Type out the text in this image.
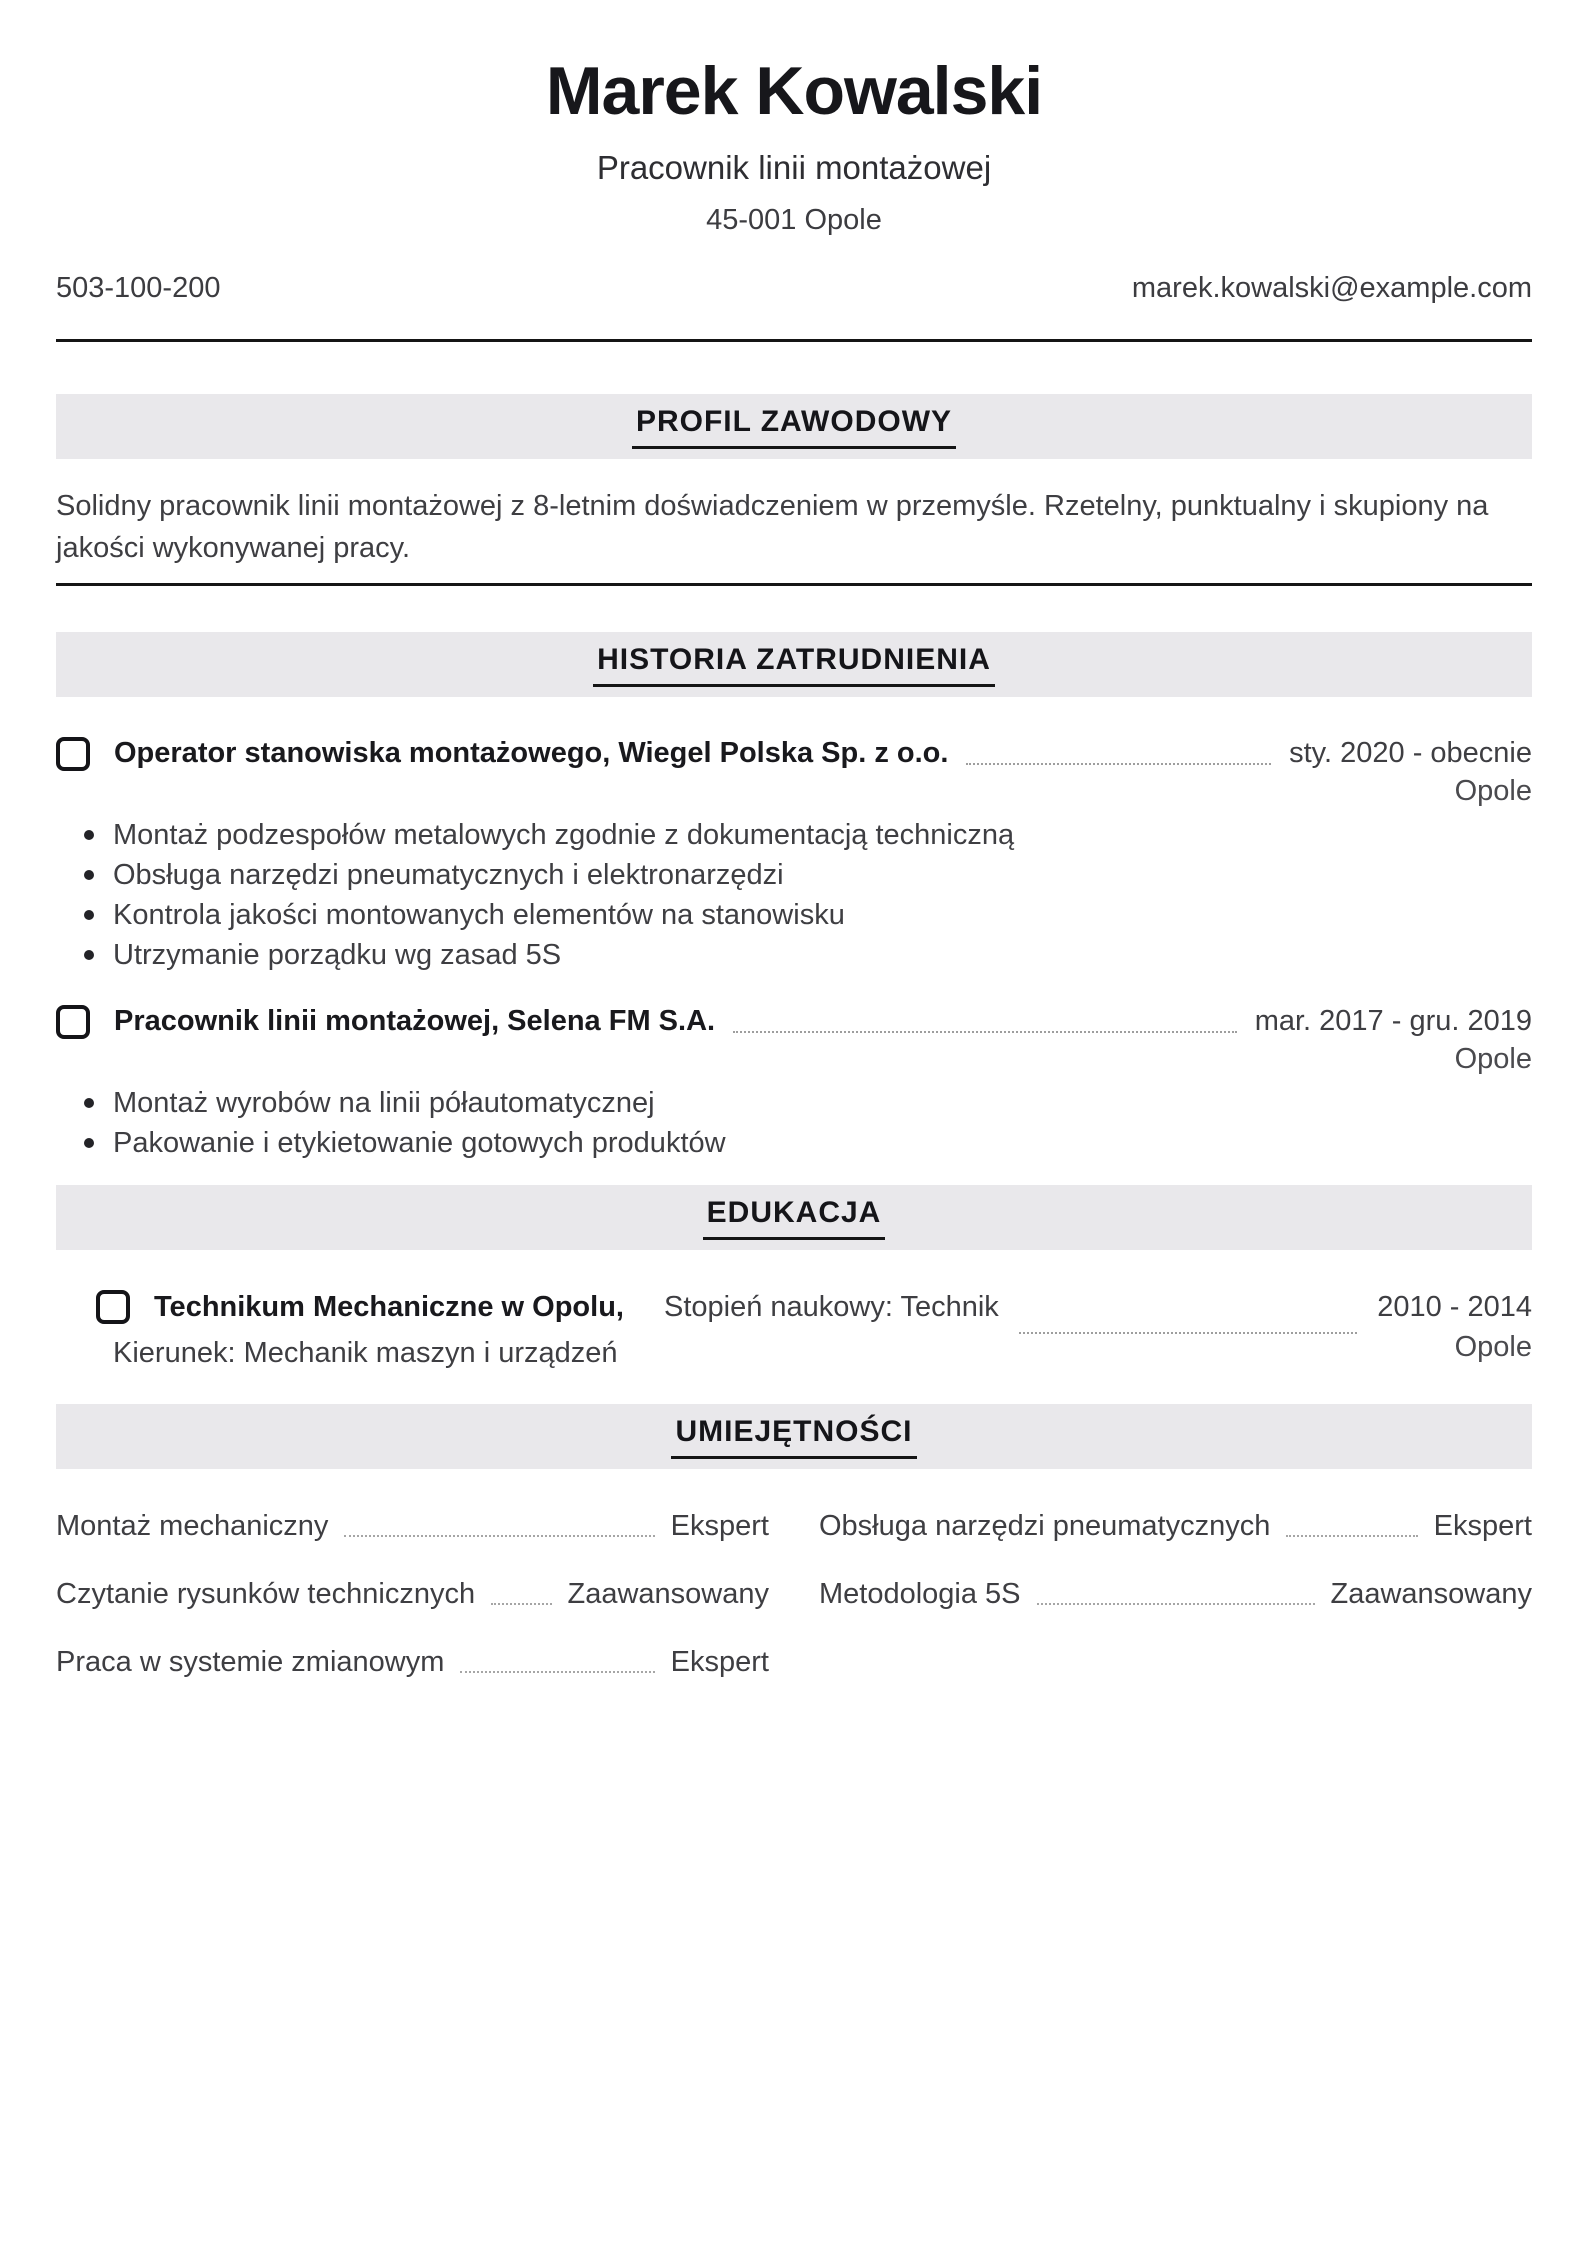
Marek Kowalski
Pracownik linii montażowej
45-001 Opole
503-100-200	marek.kowalski@example.com
PROFIL ZAWODOWY

Solidny pracownik linii montażowej z 8-letnim doświadczeniem w przemyśle. Rzetelny, punktualny i skupiony na jakości wykonywanej pracy.

HISTORIA ZATRUDNIENIA
Operator stanowiska montażowego, Wiegel Polska Sp. z o.o.	sty. 2020 - obecnie
Opole
Montaż podzespołów metalowych zgodnie z dokumentacją techniczną
Obsługa narzędzi pneumatycznych i elektronarzędzi
Kontrola jakości montowanych elementów na stanowisku
Utrzymanie porządku wg zasad 5S
Pracownik linii montażowej, Selena FM S.A.	mar. 2017 - gru. 2019
Opole
Montaż wyrobów na linii półautomatycznej
Pakowanie i etykietowanie gotowych produktów
EDUKACJA
Technikum Mechaniczne w Opolu,
Kierunek: Mechanik maszyn i urządzeń
Stopień naukowy: Technik	2010 - 2014
Opole
UMIEJĘTNOŚCI
Montaż mechaniczny	Ekspert
Czytanie rysunków technicznych	Zaawansowany
Praca w systemie zmianowym	Ekspert
Obsługa narzędzi pneumatycznych	Ekspert
Metodologia 5S	Zaawansowany
